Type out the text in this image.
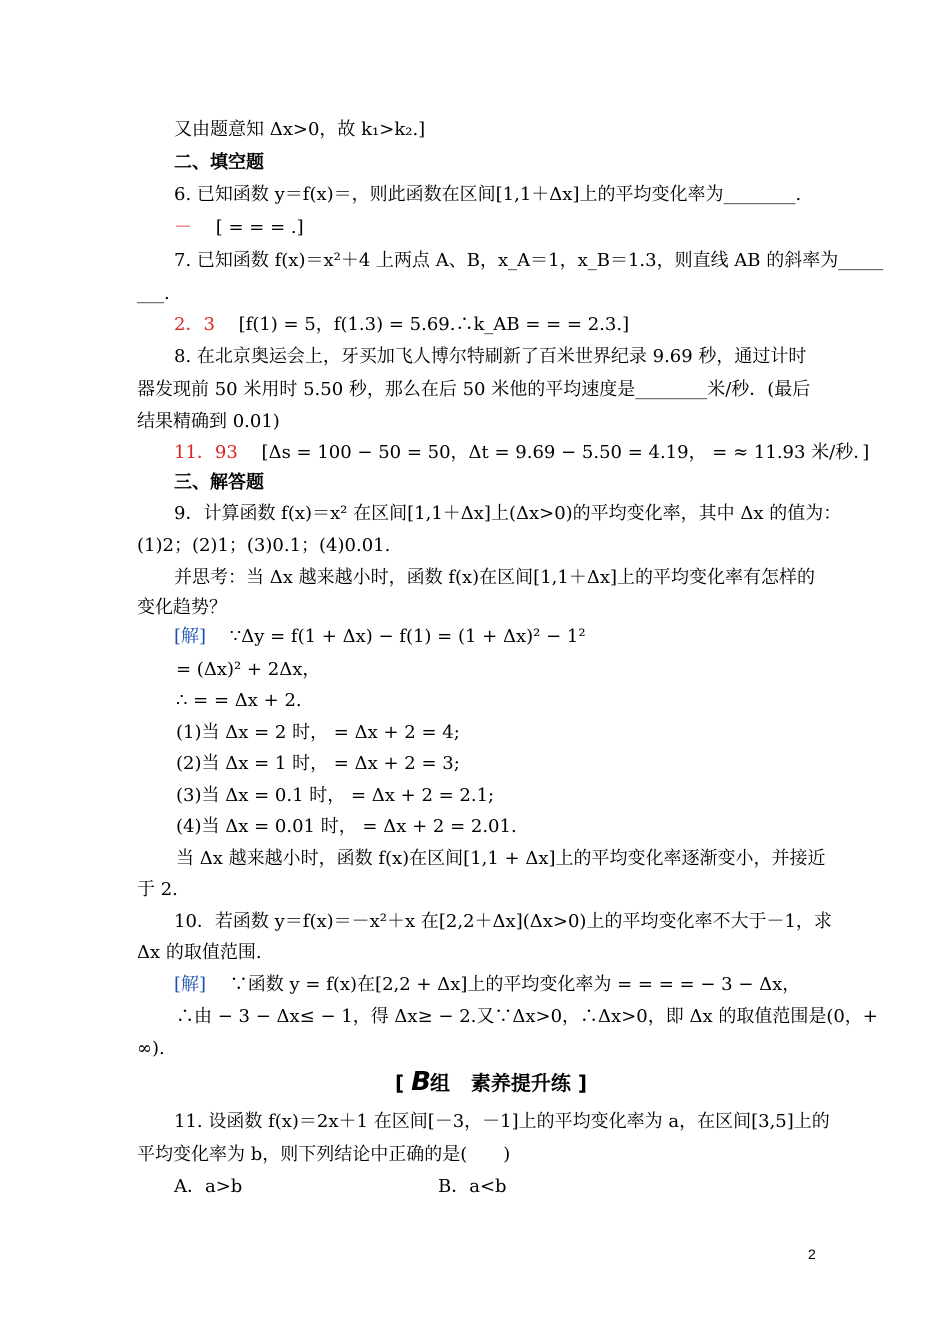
又由题意知 Δx>0，故 k₁>k₂.]
二、填空题
6. 已知函数 y＝f(x)＝，则此函数在区间[1,1＋Δx]上的平均变化率为________.
－ [ = = = .]
7. 已知函数 f(x)＝x²＋4 上两点 A、B，x_A＝1，x_B＝1.3，则直线 AB 的斜率为_____
___.
2．3 [f(1) = 5，f(1.3) = 5.69.∴k_AB = = = 2.3.]
8. 在北京奥运会上，牙买加飞人博尔特刷新了百米世界纪录 9.69 秒，通过计时
器发现前 50 米用时 5.50 秒，那么在后 50 米他的平均速度是________米/秒．(最后
结果精确到 0.01)
11．93 [Δs = 100 − 50 = 50，Δt = 9.69 − 5.50 = 4.19， = ≈ 11.93 米/秒．]
三、解答题
9．计算函数 f(x)＝x² 在区间[1,1＋Δx]上(Δx>0)的平均变化率，其中 Δx 的值为：
(1)2；(2)1；(3)0.1；(4)0.01.
并思考：当 Δx 越来越小时，函数 f(x)在区间[1,1＋Δx]上的平均变化率有怎样的
变化趋势？
[解] ∵Δy = f(1 + Δx) − f(1) = (1 + Δx)² − 1²
= (Δx)² + 2Δx，
∴ = = Δx + 2.
(1)当 Δx = 2 时， = Δx + 2 = 4;
(2)当 Δx = 1 时， = Δx + 2 = 3;
(3)当 Δx = 0.1 时， = Δx + 2 = 2.1;
(4)当 Δx = 0.01 时， = Δx + 2 = 2.01.
当 Δx 越来越小时，函数 f(x)在区间[1,1 + Δx]上的平均变化率逐渐变小，并接近
于 2.
10．若函数 y＝f(x)＝－x²＋x 在[2,2＋Δx](Δx>0)上的平均变化率不大于－1，求
Δx 的取值范围.
[解] ∵函数 y = f(x)在[2,2 + Δx]上的平均变化率为 = = = = − 3 − Δx，
∴由 − 3 − Δx≤ − 1，得 Δx≥ − 2.又∵Δx>0，∴Δx>0，即 Δx 的取值范围是(0，+
∞).
[ B组 素养提升练 ]
11. 设函数 f(x)＝2x＋1 在区间[－3，－1]上的平均变化率为 a，在区间[3,5]上的
平均变化率为 b，则下列结论中正确的是(　　)
A．a>b	B．a<b
2
